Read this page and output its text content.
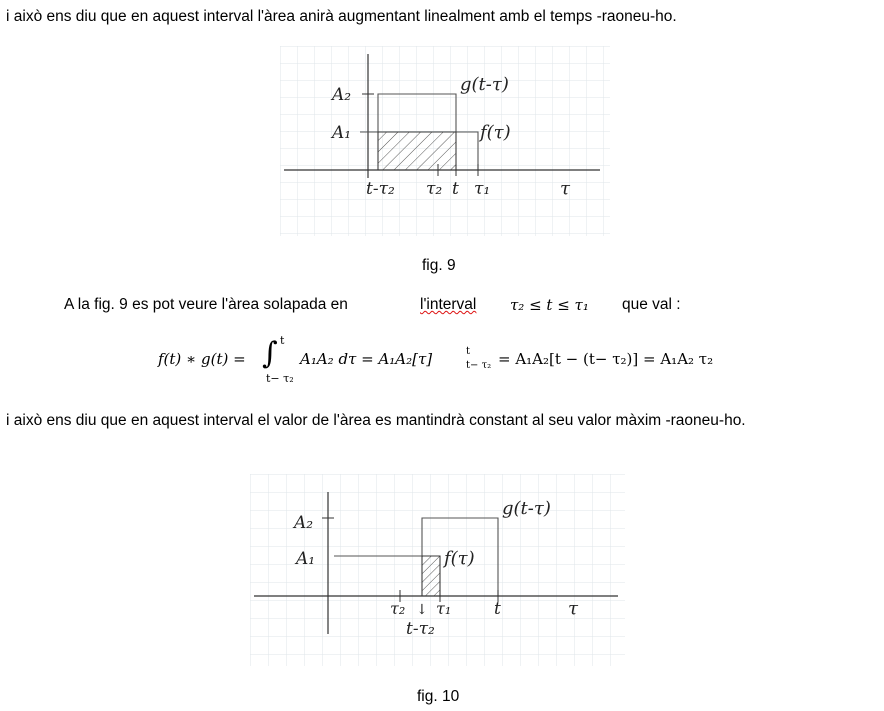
i això ens diu que en aquest interval l'àrea anirà augmentant linealment amb el temps -raoneu-ho.

A₂
A₁
g(t-τ)
f(τ)
t-τ₂ τ₂ t τ₁	τ
fig. 9
A la fig. 9 es pot veure l'àrea solapada en	l'interval τ₂ ≤ t ≤ τ₁ que val :
f(t) ∗ g(t) = ∫ t
t− τ₂
A₁A₂ dτ = A₁A₂[τ]	t
t− τ₂ = A₁A₂[t − (t− τ₂)] = A₁A₂ τ₂

i això ens diu que en aquest interval el valor de l'àrea es mantindrà constant al seu valor màxim -raoneu-ho.

A₂
A₁
g(t-τ)
f(τ)
τ₂ ↓ τ₁	t	τ
t-τ₂
fig. 10
